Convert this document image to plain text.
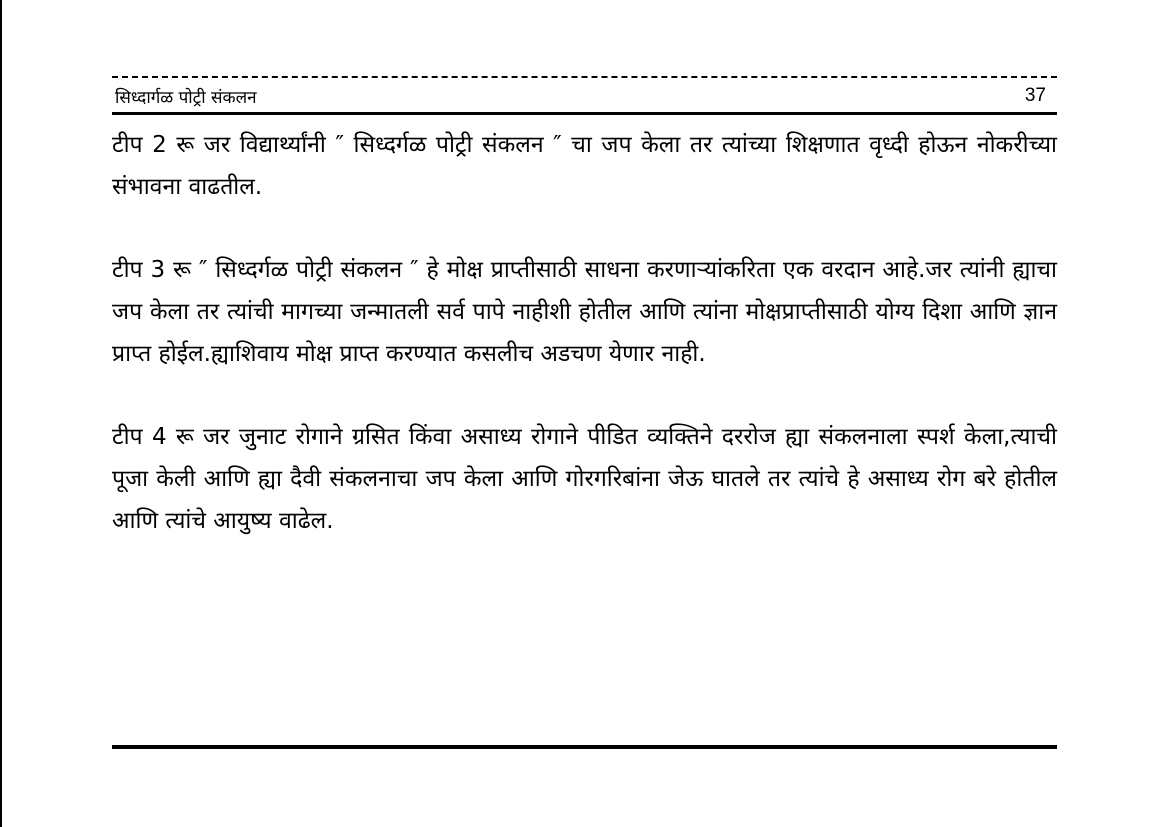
सिध्दार्गळ पोट्री संकलन	37

टीप 2 रू जर विद्यार्थ्यांनी ″ सिध्दर्गळ पोट्री संकलन ″ चा जप केला तर त्यांच्या शिक्षणात वृध्दी होऊन नोकरीच्या संभावना वाढतील.

टीप 3 रू ″ सिध्दर्गळ पोट्री संकलन ″ हे मोक्ष प्राप्तीसाठी साधना करणाऱ्यांकरिता एक वरदान आहे.जर त्यांनी ह्याचा जप केला तर त्यांची मागच्या जन्मातली सर्व पापे नाहीशी होतील आणि त्यांना मोक्षप्राप्तीसाठी योग्य दिशा आणि ज्ञान प्राप्त होईल.ह्याशिवाय मोक्ष प्राप्त करण्यात कसलीच अडचण येणार नाही.

टीप 4 रू जर जुनाट रोगाने ग्रसित किंवा असाध्य रोगाने पीडित व्यक्तिने दररोज ह्या संकलनाला स्पर्श केला,त्याची पूजा केली आणि ह्या दैवी संकलनाचा जप केला आणि गोरगरिबांना जेऊ घातले तर त्यांचे हे असाध्य रोग बरे होतील आणि त्यांचे आयुष्य वाढेल.
